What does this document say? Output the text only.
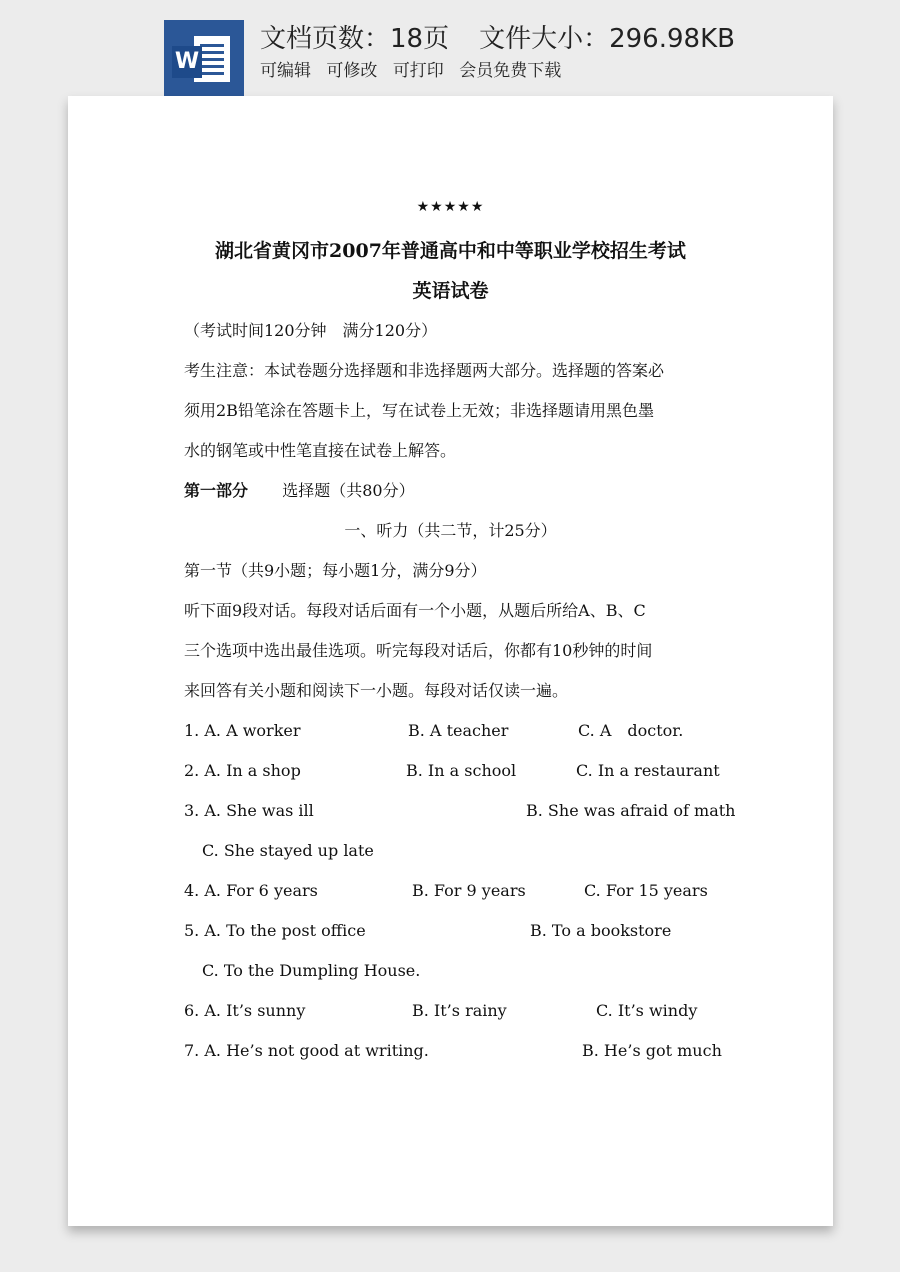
W
文档页数：18页 文件大小：296.98KB
可编辑 可修改 可打印 会员免费下载
★★★★★
湖北省黄冈市2007年普通高中和中等职业学校招生考试
英语试卷
（考试时间120分钟　满分120分）
考生注意：本试卷题分选择题和非选择题两大部分。选择题的答案必
须用2B铅笔涂在答题卡上，写在试卷上无效；非选择题请用黑色墨
水的钢笔或中性笔直接在试卷上解答。
第一部分 选择题（共80分）
一、听力（共二节，计25分）
第一节（共9小题；每小题1分，满分9分）
听下面9段对话。每段对话后面有一个小题，从题后所给A、B、C
三个选项中选出最佳选项。听完每段对话后，你都有10秒钟的时间
来回答有关小题和阅读下一小题。每段对话仅读一遍。
1. A. A worker	B. A teacher	C. A　doctor.
2. A. In a shop	B. In a school	C. In a restaurant
3. A. She was ill	B. She was afraid of math
C. She stayed up late
4. A. For 6 years	B. For 9 years	C. For 15 years
5. A. To the post office	B. To a bookstore
C. To the Dumpling House.
6. A. It’s sunny	B. It’s rainy	C. It’s windy
7. A. He’s not good at writing.	B. He’s got much
